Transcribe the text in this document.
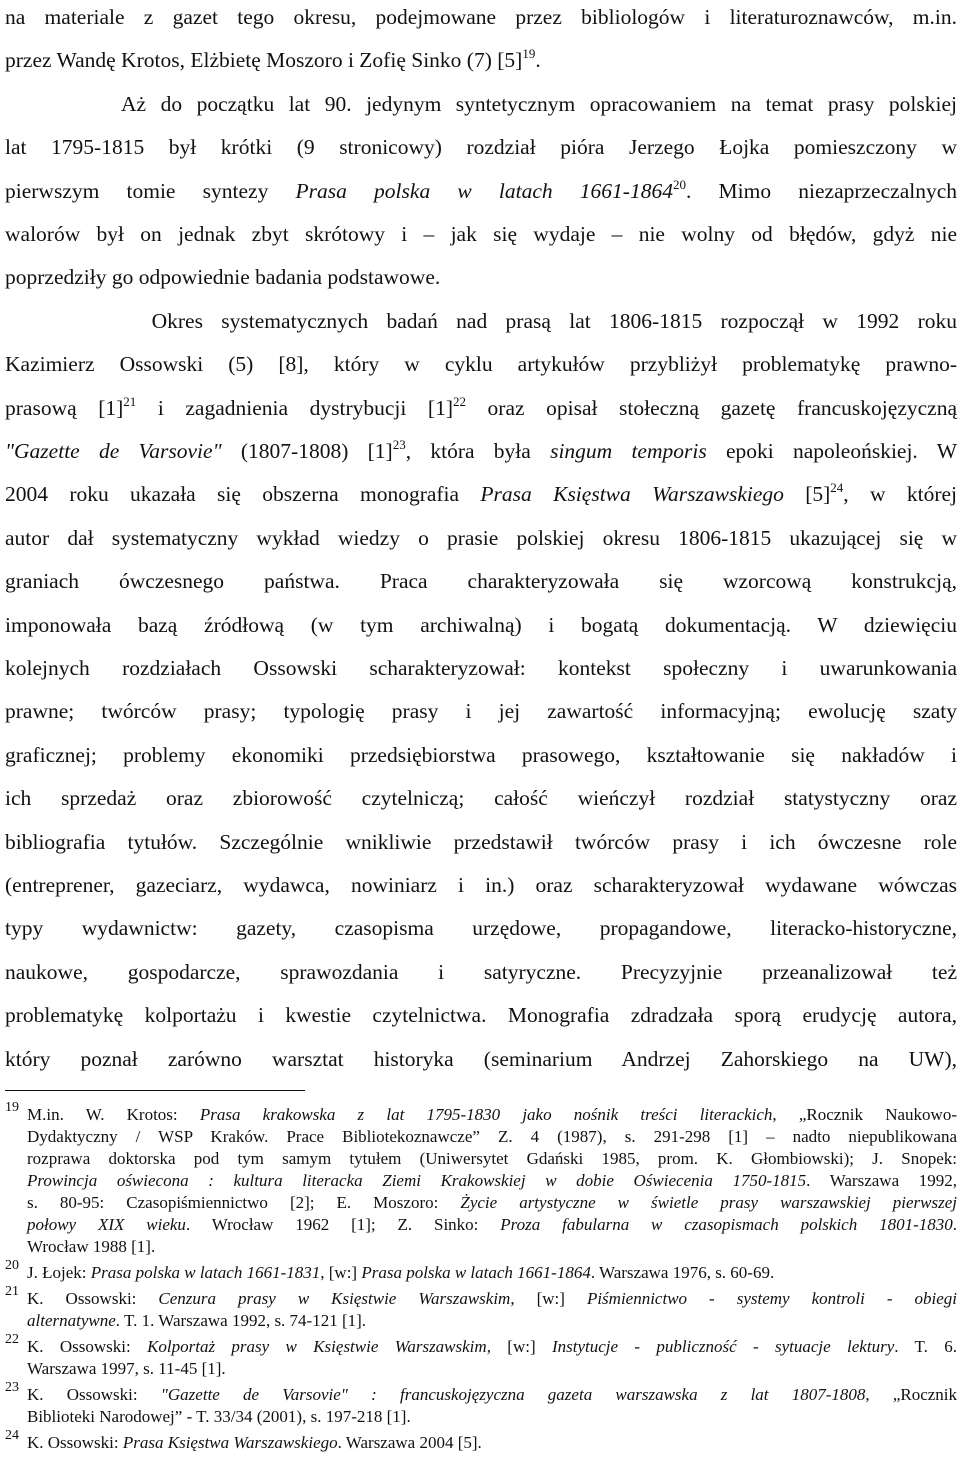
na materiale z gazet tego okresu, podejmowane przez bibliologów i literaturoznawców, m.in.
przez Wandę Krotos, Elżbietę Moszoro i Zofię Sinko (7) $[5]^{19}$.
Aż do początku lat 90. jedynym syntetycznym opracowaniem na temat prasy polskiej
lat 1795-1815 był krótki (9 stronicowy) rozdział pióra Jerzego Łojka pomieszczony w
pierwszym tomie syntezy Prasa polska w latach 1661-1864$^{20}$. Mimo niezaprzeczalnych
walorów był on jednak zbyt skrótowy i – jak się wydaje – nie wolny od błędów, gdyż nie
poprzedziły go odpowiednie badania podstawowe.
Okres systematycznych badań nad prasą lat 1806-1815 rozpoczął w 1992 roku
Kazimierz Ossowski (5) [8], który w cyklu artykułów przybliżył problematykę prawno-
prasową $[1]^{21}$ i zagadnienia dystrybucji $[1]^{22}$ oraz opisał stołeczną gazetę francuskojęzyczną
"Gazette de Varsovie" (1807-1808) $[1]^{23}$, która była singum temporis epoki napoleońskiej. W
2004 roku ukazała się obszerna monografia Prasa Księstwa Warszawskiego $[5]^{24}$, w której
autor dał systematyczny wykład wiedzy o prasie polskiej okresu 1806-1815 ukazującej się w
graniach ówczesnego państwa. Praca charakteryzowała się wzorcową konstrukcją,
imponowała bazą źródłową (w tym archiwalną) i bogatą dokumentacją. W dziewięciu
kolejnych rozdziałach Ossowski scharakteryzował: kontekst społeczny i uwarunkowania
prawne; twórców prasy; typologię prasy i jej zawartość informacyjną; ewolucję szaty
graficznej; problemy ekonomiki przedsiębiorstwa prasowego, kształtowanie się nakładów i
ich sprzedaż oraz zbiorowość czytelniczą; całość wieńczył rozdział statystyczny oraz
bibliografia tytułów. Szczególnie wnikliwie przedstawił twórców prasy i ich ówczesne role
(entreprener, gazeciarz, wydawca, nowiniarz i in.) oraz scharakteryzował wydawane wówczas
typy wydawnictw: gazety, czasopisma urzędowe, propagandowe, literacko-historyczne,
naukowe, gospodarcze, sprawozdania i satyryczne. Precyzyjnie przeanalizował też
problematykę kolportażu i kwestie czytelnictwa. Monografia zdradzała sporą erudycję autora,
który poznał zarówno warsztat historyka (seminarium Andrzej Zahorskiego na UW),
19 M.in. W. Krotos: Prasa krakowska z lat 1795-1830 jako nośnik treści literackich, „Rocznik Naukowo-
Dydaktyczny / WSP Kraków. Prace Bibliotekoznawcze” Z. 4 (1987), s. 291-298 [1] – nadto niepublikowana
rozprawa doktorska pod tym samym tytułem (Uniwersytet Gdański 1985, prom. K. Głombiowski); J. Snopek:
Prowincja oświecona : kultura literacka Ziemi Krakowskiej w dobie Oświecenia 1750-1815. Warszawa 1992,
s. 80-95: Czasopiśmiennictwo [2]; E. Moszoro: Życie artystyczne w świetle prasy warszawskiej pierwszej
połowy XIX wieku. Wrocław 1962 [1]; Z. Sinko: Proza fabularna w czasopismach polskich 1801-1830.
Wrocław 1988 [1].
20 J. Łojek: Prasa polska w latach 1661-1831, [w:] Prasa polska w latach 1661-1864. Warszawa 1976, s. 60-69.
21 K. Ossowski: Cenzura prasy w Księstwie Warszawskim, [w:] Piśmiennictwo - systemy kontroli - obiegi
alternatywne. T. 1. Warszawa 1992, s. 74-121 [1].
22 K. Ossowski: Kolportaż prasy w Księstwie Warszawskim, [w:] Instytucje - publiczność - sytuacje lektury. T. 6.
Warszawa 1997, s. 11-45 [1].
23 K. Ossowski: "Gazette de Varsovie" : francuskojęzyczna gazeta warszawska z lat 1807-1808, „Rocznik
Biblioteki Narodowej” - T. 33/34 (2001), s. 197-218 [1].
24 K. Ossowski: Prasa Księstwa Warszawskiego. Warszawa 2004 [5].
